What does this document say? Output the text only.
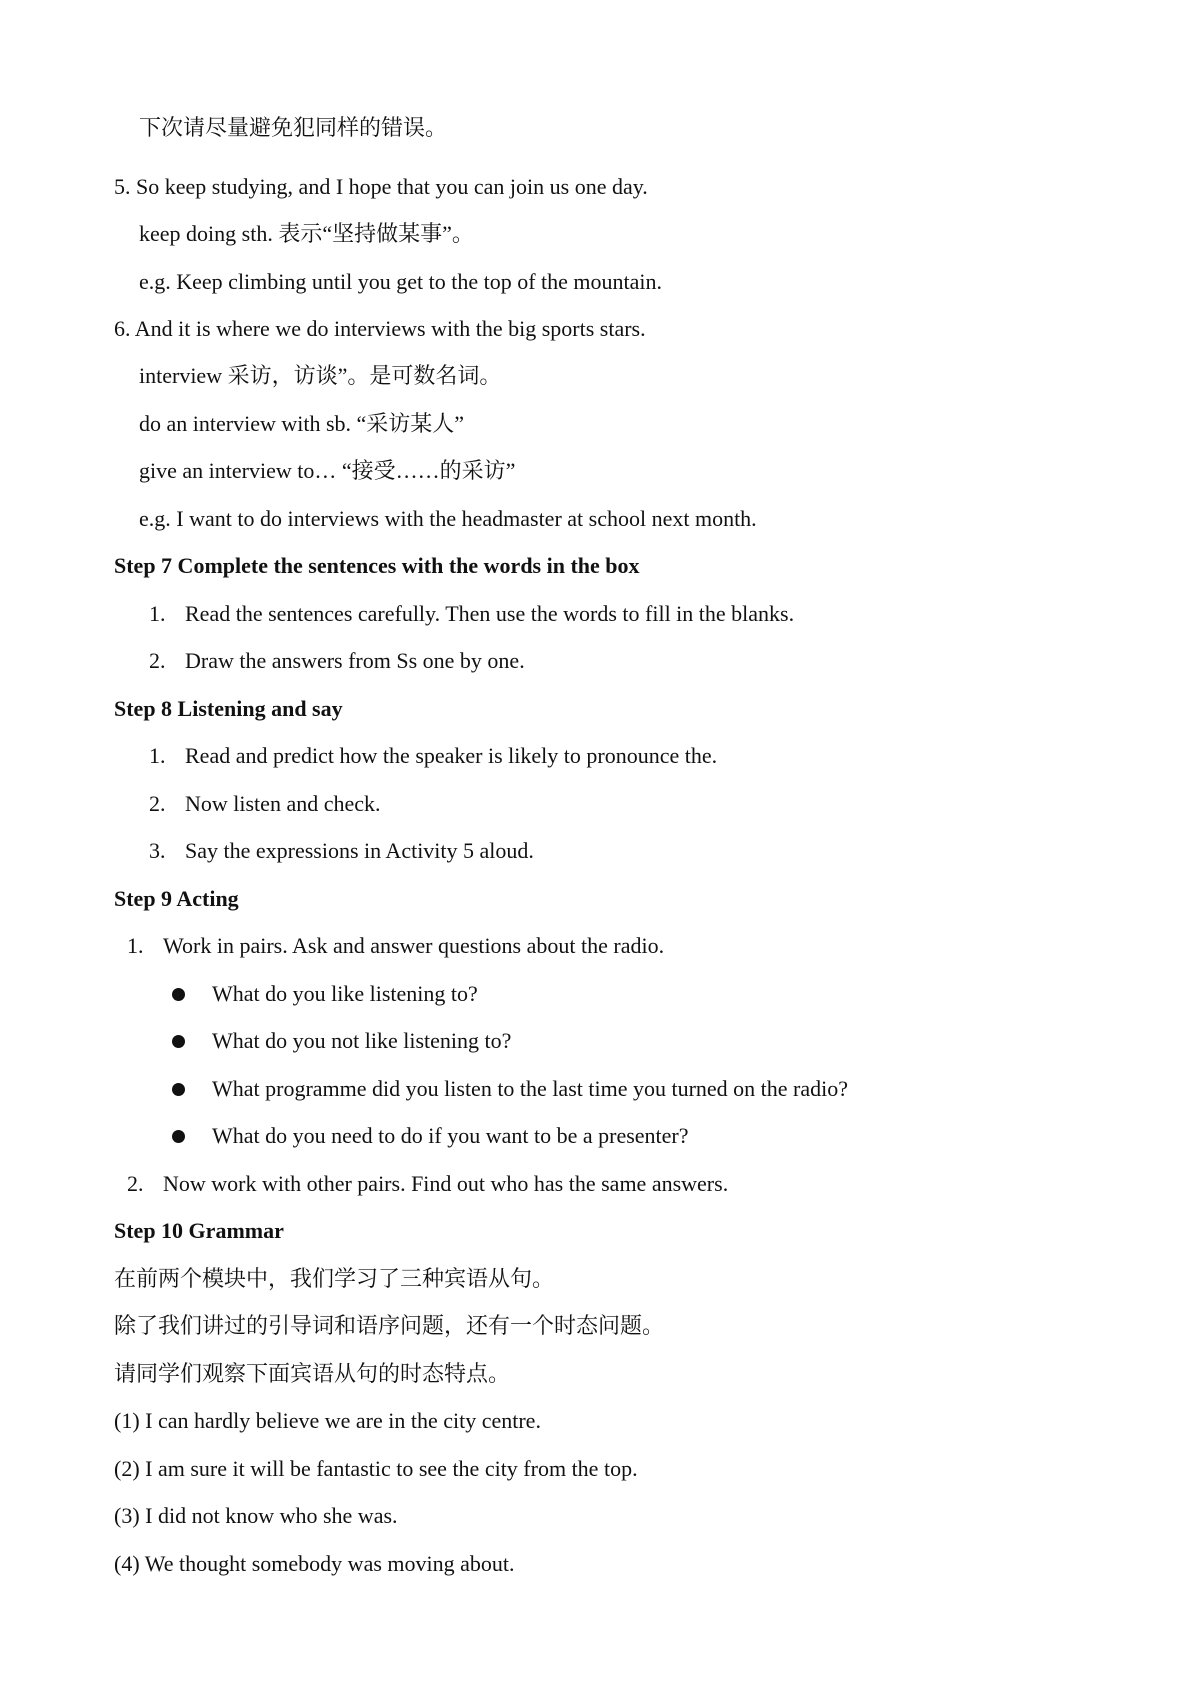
下次请尽量避免犯同样的错误。
5. So keep studying, and I hope that you can join us one day.
keep doing sth. 表示“坚持做某事”。
e.g. Keep climbing until you get to the top of the mountain.
6. And it is where we do interviews with the big sports stars.
interview 采访，访谈”。是可数名词。
do an interview with sb. “采访某人”
give an interview to… “接受……的采访”
e.g. I want to do interviews with the headmaster at school next month.
Step 7 Complete the sentences with the words in the box
1. Read the sentences carefully. Then use the words to fill in the blanks.
2. Draw the answers from Ss one by one.
Step 8 Listening and say
1. Read and predict how the speaker is likely to pronounce the.
2. Now listen and check.
3. Say the expressions in Activity 5 aloud.
Step 9 Acting
1. Work in pairs. Ask and answer questions about the radio.
What do you like listening to?
What do you not like listening to?
What programme did you listen to the last time you turned on the radio?
What do you need to do if you want to be a presenter?
2. Now work with other pairs. Find out who has the same answers.
Step 10 Grammar
在前两个模块中，我们学习了三种宾语从句。
除了我们讲过的引导词和语序问题，还有一个时态问题。
请同学们观察下面宾语从句的时态特点。
(1) I can hardly believe we are in the city centre.
(2) I am sure it will be fantastic to see the city from the top.
(3) I did not know who she was.
(4) We thought somebody was moving about.
